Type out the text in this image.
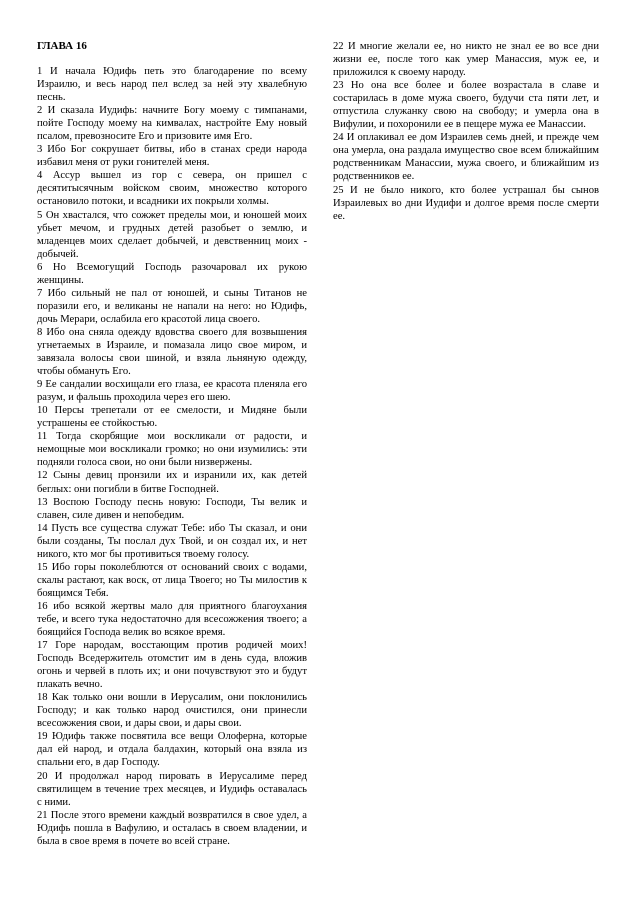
ГЛАВА 16

1 И начала Юдифь петь это благодарение по всему Израилю, и весь народ пел вслед за ней эту хвалебную песнь.

2 И сказала Иудифь: начните Богу моему с тимпанами, пойте Господу моему на кимвалах, настройте Ему новый псалом, превозносите Его и призовите имя Его.

3 Ибо Бог сокрушает битвы, ибо в станах среди народа избавил меня от руки гонителей меня.

4 Ассур вышел из гор с севера, он пришел с десятитысячным войском своим, множество которого остановило потоки, и всадники их покрыли холмы.

5 Он хвастался, что сожжет пределы мои, и юношей моих убьет мечом, и грудных детей разобьет о землю, и младенцев моих сделает добычей, и девственниц моих - добычей.

6 Но Всемогущий Господь разочаровал их рукою женщины.

7 Ибо сильный не пал от юношей, и сыны Титанов не поразили его, и великаны не напали на него: но Юдифь, дочь Мерари, ослабила его красотой лица своего.

8 Ибо она сняла одежду вдовства своего для возвышения угнетаемых в Израиле, и помазала лицо свое миром, и завязала волосы свои шиной, и взяла льняную одежду, чтобы обмануть Его.

9 Ее сандалии восхищали его глаза, ее красота пленяла его разум, и фальшь проходила через его шею.

10 Персы трепетали от ее смелости, и Мидяне были устрашены ее стойкостью.

11 Тогда скорбящие мои воскликали от радости, и немощные мои воскликали громко; но они изумились: эти подняли голоса свои, но они были низвержены.

12 Сыны девиц пронзили их и изранили их, как детей беглых: они погибли в битве Господней.

13 Воспою Господу песнь новую: Господи, Ты велик и славен, силе дивен и непобедим.

14 Пусть все существа служат Тебе: ибо Ты сказал, и они были созданы, Ты послал дух Твой, и он создал их, и нет никого, кто мог бы противиться твоему голосу.

15 Ибо горы поколеблются от оснований своих с водами, скалы растают, как воск, от лица Твоего; но Ты милостив к боящимся Тебя.

16 ибо всякой жертвы мало для приятного благоухания тебе, и всего тука недостаточно для всесожжения твоего; а боящийся Господа велик во всякое время.

17 Горе народам, восстающим против родичей моих! Господь Вседержитель отомстит им в день суда, вложив огонь и червей в плоть их; и они почувствуют это и будут плакать вечно.

18 Как только они вошли в Иерусалим, они поклонились Господу; и как только народ очистился, они принесли всесожжения свои, и дары свои, и дары свои.

19 Юдифь также посвятила все вещи Олоферна, которые дал ей народ, и отдала балдахин, который она взяла из спальни его, в дар Господу.

20 И продолжал народ пировать в Иерусалиме перед святилищем в течение трех месяцев, и Иудифь оставалась с ними.

21 После этого времени каждый возвратился в свое удел, а Юдифь пошла в Вафулию, и осталась в своем владении, и была в свое время в почете во всей стране.

22 И многие желали ее, но никто не знал ее во все дни жизни ее, после того как умер Манассия, муж ее, и приложился к своему народу.

23 Но она все более и более возрастала в славе и состарилась в доме мужа своего, будучи ста пяти лет, и отпустила служанку свою на свободу; и умерла она в Вифулии, и похоронили ее в пещере мужа ее Манассии.

24 И оплакивал ее дом Израилев семь дней, и прежде чем она умерла, она раздала имущество свое всем ближайшим родственникам Манассии, мужа своего, и ближайшим из родственников ее.

25 И не было никого, кто более устрашал бы сынов Израилевых во дни Иудифи и долгое время после смерти ее.
